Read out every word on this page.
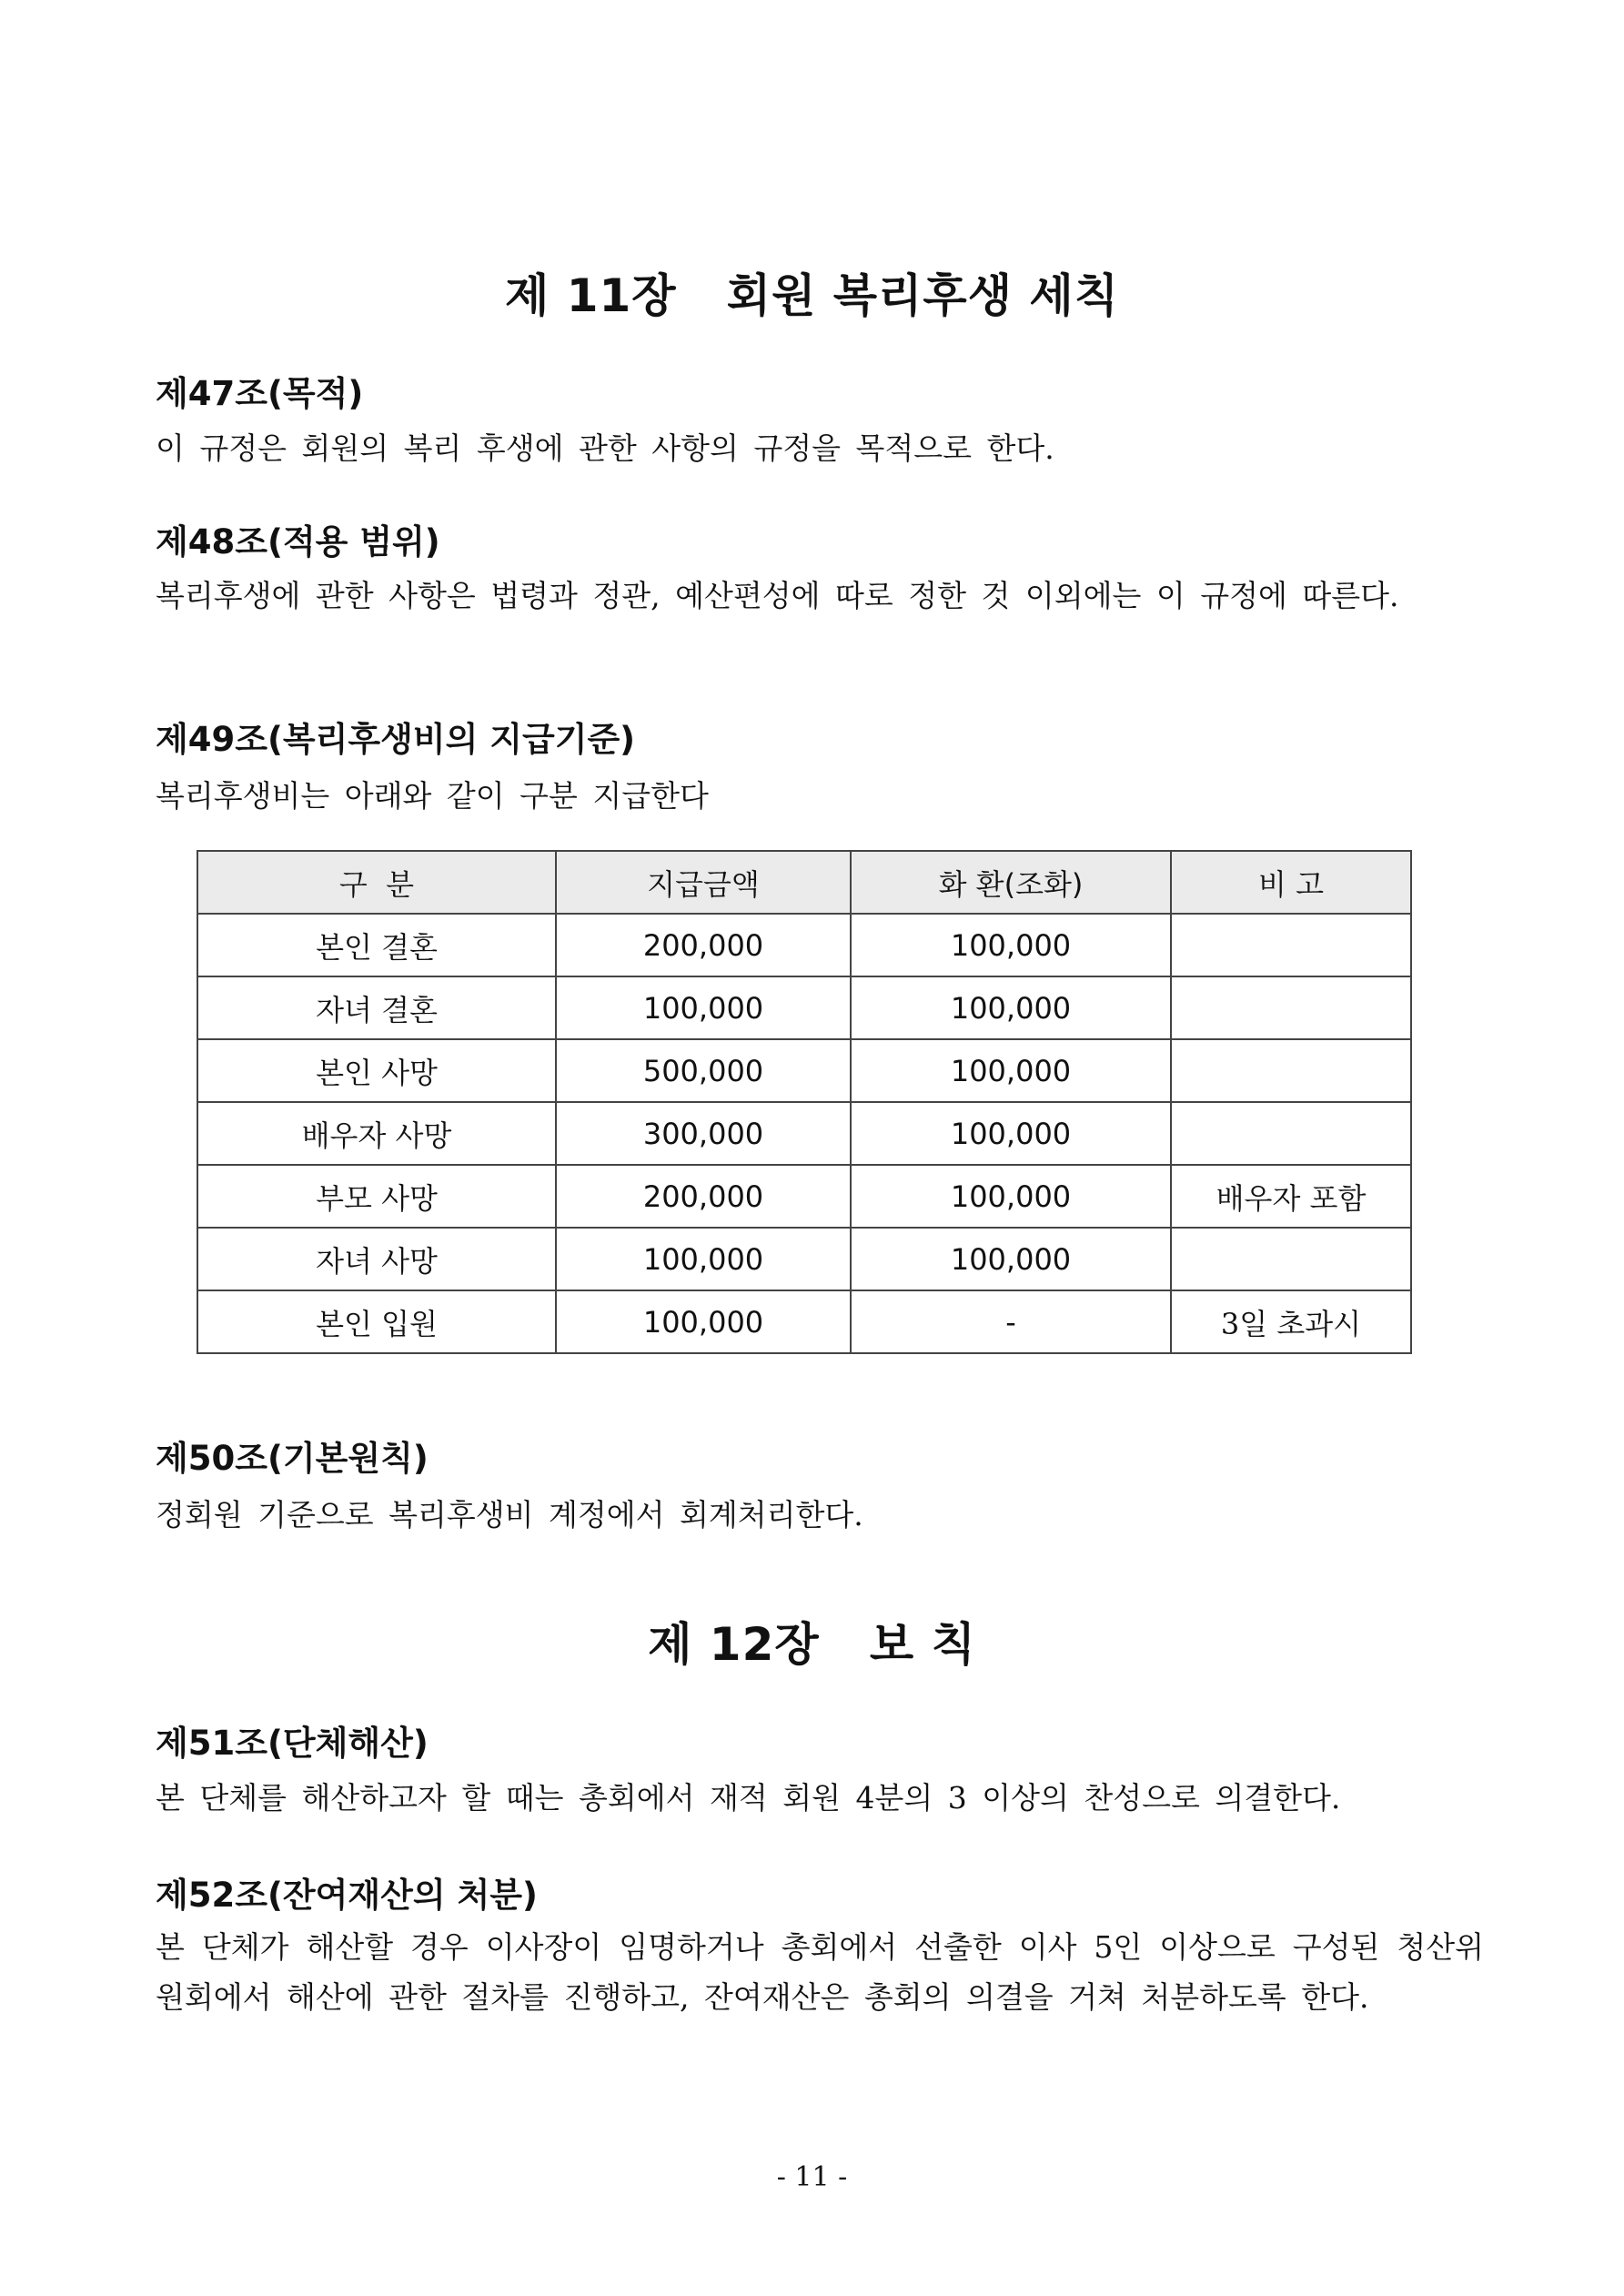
제 11장   회원 복리후생 세칙
제47조(목적)

이 규정은 회원의 복리 후생에 관한 사항의 규정을 목적으로 한다.

제48조(적용 범위)

복리후생에 관한 사항은 법령과 정관, 예산편성에 따로 정한 것 이외에는 이 규정에 따른다.

제49조(복리후생비의 지급기준)

복리후생비는 아래와 같이 구분 지급한다

구  분	지급금액	화 환(조화)	비 고
본인 결혼	200,000	100,000	
자녀 결혼	100,000	100,000	
본인 사망	500,000	100,000	
배우자 사망	300,000	100,000	
부모 사망	200,000	100,000	배우자 포함
자녀 사망	100,000	100,000	
본인 입원	100,000	-	3일 초과시
제50조(기본원칙)

정회원 기준으로 복리후생비 계정에서 회계처리한다.

제 12장   보 칙
제51조(단체해산)

본 단체를 해산하고자 할 때는 총회에서 재적 회원 4분의 3 이상의 찬성으로 의결한다.

제52조(잔여재산의 처분)

본 단체가 해산할 경우 이사장이 임명하거나 총회에서 선출한 이사 5인 이상으로 구성된 청산위원회에서 해산에 관한 절차를 진행하고, 잔여재산은 총회의 의결을 거쳐 처분하도록 한다.

- 11 -
